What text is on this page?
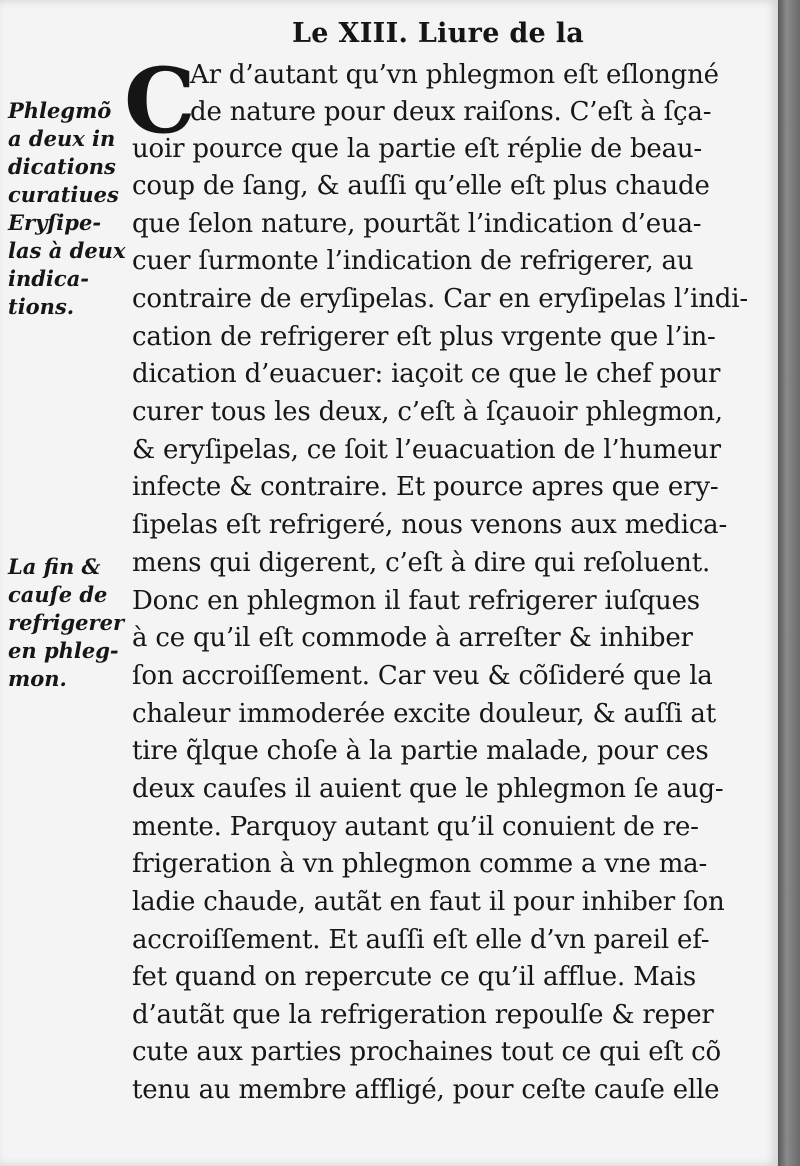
Le XIII. Liure de la
C
Phlegmõ
a deux in
dications
curatiues
Eryſipe-
las à deux
indica-
tions.
La fin &
cauſe de
refrigerer
en phleg-
mon.
Ar d’autant qu’vn phlegmon eſt eſlongné
de nature pour deux raiſons. C’eſt à ſça-
uoir pource que la partie eſt réplie de beau-
coup de ſang, & auſſi qu’elle eſt plus chaude
que ſelon nature, pourtãt l’indication d’eua-
cuer ſurmonte l’indication de refrigerer, au
contraire de eryſipelas. Car en eryſipelas l’indi-
cation de refrigerer eſt plus vrgente que l’in-
dication d’euacuer: iaçoit ce que le chef pour
curer tous les deux, c’eſt à ſçauoir phlegmon,
& eryſipelas, ce ſoit l’euacuation de l’humeur
infecte & contraire. Et pource apres que ery-
ſipelas eſt refrigeré, nous venons aux medica-
mens qui digerent, c’eſt à dire qui reſoluent.
Donc en phlegmon il faut refrigerer iuſques
à ce qu’il eſt commode à arreſter & inhiber
ſon accroiſſement. Car veu & cõſideré que la
chaleur immoderée excite douleur, & auſſi at
tire q̃lque choſe à la partie malade, pour ces
deux cauſes il auient que le phlegmon ſe aug-
mente. Parquoy autant qu’il conuient de re-
frigeration à vn phlegmon comme a vne ma-
ladie chaude, autãt en faut il pour inhiber ſon
accroiſſement. Et auſſi eſt elle d’vn pareil ef-
fet quand on repercute ce qu’il afflue. Mais
d’autãt que la refrigeration repoulſe & reper
cute aux parties prochaines tout ce qui eſt cõ
tenu au membre affligé, pour ceſte cauſe elle
